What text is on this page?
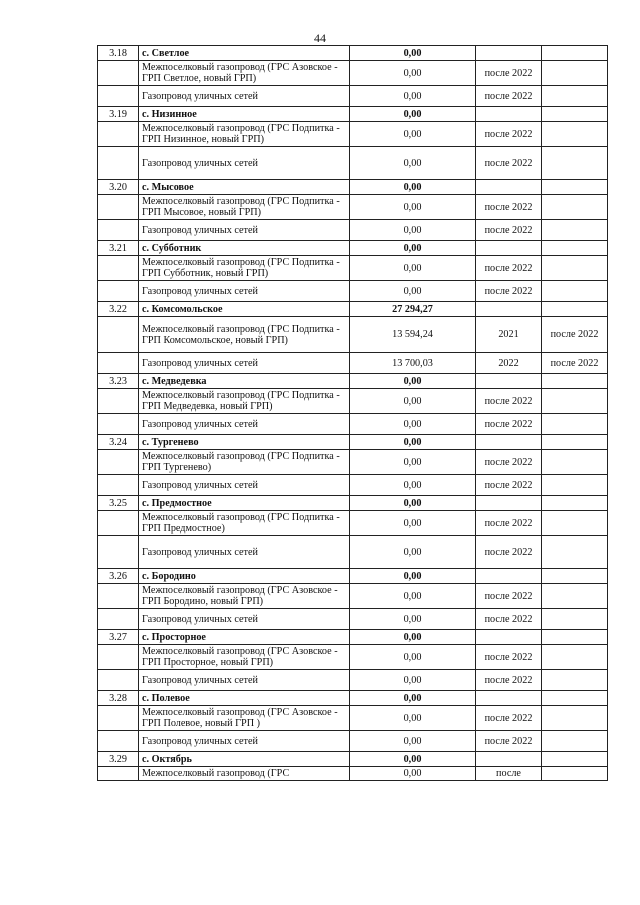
44
3.18	с. Светлое	0,00		
	Межпоселковый газопровод (ГРС Азовское - ГРП Светлое, новый ГРП)	0,00	после 2022	
	Газопровод уличных сетей	0,00	после 2022	
3.19	с. Низинное	0,00		
	Межпоселковый газопровод (ГРС Подпитка - ГРП Низинное, новый ГРП)	0,00	после 2022	
	Газопровод уличных сетей	0,00	после 2022	
3.20	с. Мысовое	0,00		
	Межпоселковый газопровод (ГРС Подпитка - ГРП Мысовое, новый ГРП)	0,00	после 2022	
	Газопровод уличных сетей	0,00	после 2022	
3.21	с. Субботник	0,00		
	Межпоселковый газопровод (ГРС Подпитка - ГРП Субботник, новый ГРП)	0,00	после 2022	
	Газопровод уличных сетей	0,00	после 2022	
3.22	с. Комсомольское	27 294,27		
	Межпоселковый газопровод (ГРС Подпитка - ГРП Комсомольское, новый ГРП)	13 594,24	2021	после 2022
	Газопровод уличных сетей	13 700,03	2022	после 2022
3.23	с. Медведевка	0,00		
	Межпоселковый газопровод (ГРС Подпитка - ГРП Медведевка, новый ГРП)	0,00	после 2022	
	Газопровод уличных сетей	0,00	после 2022	
3.24	с. Тургенево	0,00		
	Межпоселковый газопровод (ГРС Подпитка - ГРП Тургенево)	0,00	после 2022	
	Газопровод уличных сетей	0,00	после 2022	
3.25	с. Предмостное	0,00		
	Межпоселковый газопровод (ГРС Подпитка - ГРП Предмостное)	0,00	после 2022	
	Газопровод уличных сетей	0,00	после 2022	
3.26	с. Бородино	0,00		
	Межпоселковый газопровод (ГРС Азовское - ГРП Бородино, новый ГРП)	0,00	после 2022	
	Газопровод уличных сетей	0,00	после 2022	
3.27	с. Просторное	0,00		
	Межпоселковый газопровод (ГРС Азовское - ГРП Просторное, новый ГРП)	0,00	после 2022	
	Газопровод уличных сетей	0,00	после 2022	
3.28	с. Полевое	0,00		
	Межпоселковый газопровод (ГРС Азовское - ГРП Полевое, новый ГРП )	0,00	после 2022	
	Газопровод уличных сетей	0,00	после 2022	
3.29	с. Октябрь	0,00		
	Межпоселковый газопровод (ГРС	0,00	после	
